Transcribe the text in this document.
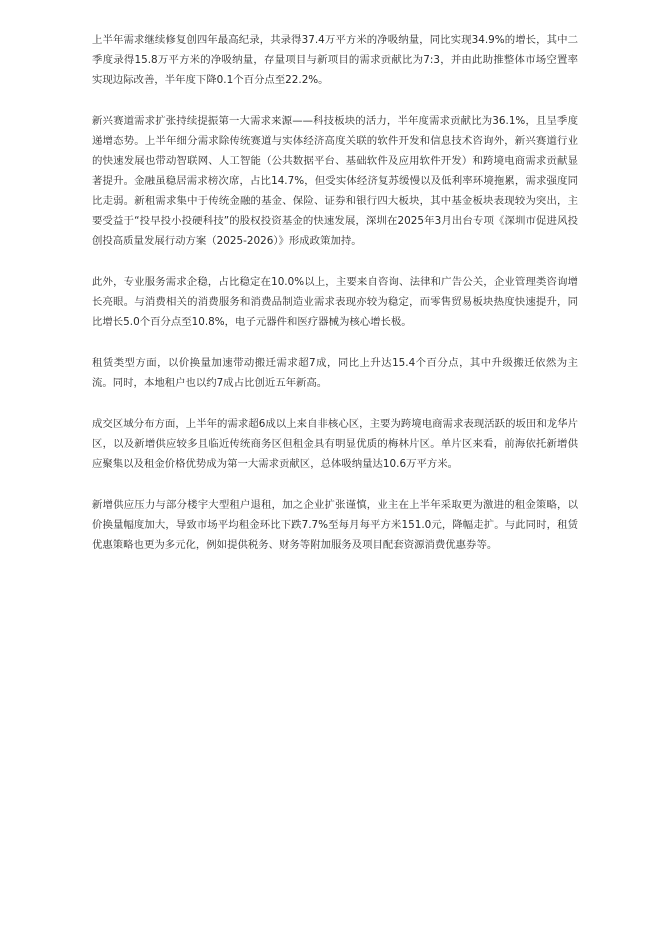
上半年需求继续修复创四年最高纪录，共录得37.4万平方米的净吸纳量，同比实现34.9%的增长，其中二季度录得15.8万平方米的净吸纳量，存量项目与新项目的需求贡献比为7:3，并由此助推整体市场空置率实现边际改善，半年度下降0.1个百分点至22.2%。

新兴赛道需求扩张持续提振第一大需求来源——科技板块的活力，半年度需求贡献比为36.1%，且呈季度递增态势。上半年细分需求除传统赛道与实体经济高度关联的软件开发和信息技术咨询外，新兴赛道行业的快速发展也带动智联网、人工智能（公共数据平台、基础软件及应用软件开发）和跨境电商需求贡献显著提升。金融虽稳居需求榜次席，占比14.7%，但受实体经济复苏缓慢以及低利率环境拖累，需求强度同比走弱。新租需求集中于传统金融的基金、保险、证券和银行四大板块，其中基金板块表现较为突出，主要受益于“投早投小投硬科技”的股权投资基金的快速发展，深圳在2025年3月出台专项《深圳市促进风投创投高质量发展行动方案（2025-2026）》形成政策加持。

此外，专业服务需求企稳，占比稳定在10.0%以上，主要来自咨询、法律和广告公关，企业管理类咨询增长亮眼。与消费相关的消费服务和消费品制造业需求表现亦较为稳定，而零售贸易板块热度快速提升，同比增长5.0个百分点至10.8%，电子元器件和医疗器械为核心增长极。

租赁类型方面，以价换量加速带动搬迁需求超7成，同比上升达15.4个百分点，其中升级搬迁依然为主流。同时，本地租户也以约7成占比创近五年新高。

成交区域分布方面，上半年的需求超6成以上来自非核心区，主要为跨境电商需求表现活跃的坂田和龙华片区，以及新增供应较多且临近传统商务区但租金具有明显优质的梅林片区。单片区来看，前海依托新增供应聚集以及租金价格优势成为第一大需求贡献区，总体吸纳量达10.6万平方米。

新增供应压力与部分楼宇大型租户退租，加之企业扩张谨慎，业主在上半年采取更为激进的租金策略，以价换量幅度加大，导致市场平均租金环比下跌7.7%至每月每平方米151.0元，降幅走扩。与此同时，租赁优惠策略也更为多元化，例如提供税务、财务等附加服务及项目配套资源消费优惠券等。
